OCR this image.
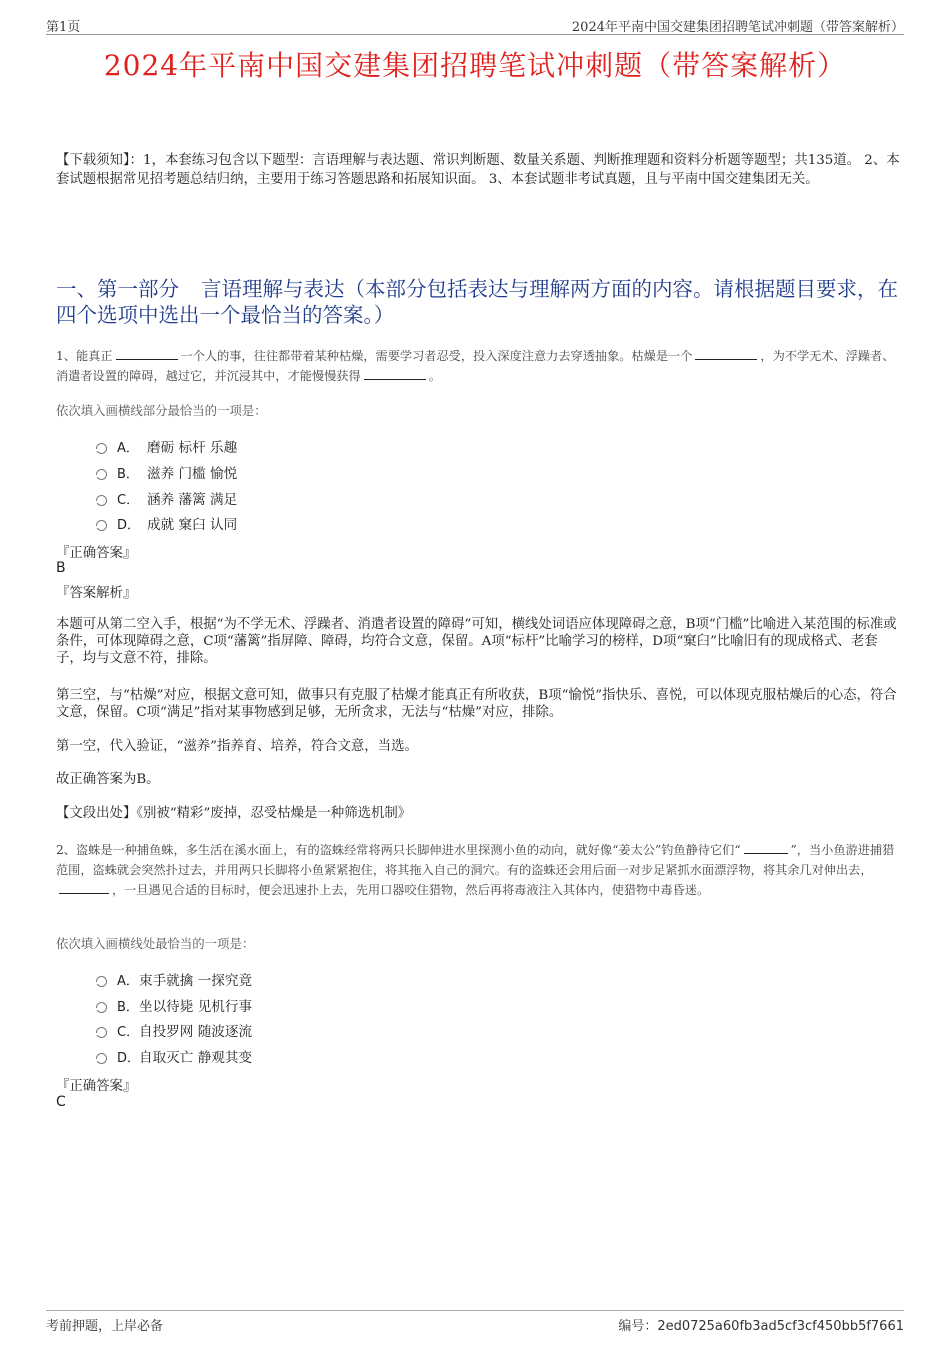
第1页	2024年平南中国交建集团招聘笔试冲刺题（带答案解析）
2024年平南中国交建集团招聘笔试冲刺题（带答案解析）
【下载须知】：1，本套练习包含以下题型：言语理解与表达题、常识判断题、数量关系题、判断推理题和资料分析题等题型；共135道。 2、本套试题根据常见招考题总结归纳，主要用于练习答题思路和拓展知识面。 3、本套试题非考试真题，且与平南中国交建集团无关。
一、第一部分 言语理解与表达（本部分包括表达与理解两方面的内容。请根据题目要求，在四个选项中选出一个最恰当的答案。）
1、能真正	一个人的事，往往都带着某种枯燥，需要学习者忍受，投入深度注意力去穿透抽象。枯燥是一个	，为不学无术、浮躁者、消遣者设置的障碍，越过它，并沉浸其中，才能慢慢获得	。
依次填入画横线部分最恰当的一项是：
A． 磨砺 标杆 乐趣
B． 滋养 门槛 愉悦
C． 涵养 藩篱 满足
D． 成就 窠臼 认同
『正确答案』
B
『答案解析』
本题可从第二空入手，根据“为不学无术、浮躁者、消遣者设置的障碍”可知，横线处词语应体现障碍之意，B项“门槛”比喻进入某范围的标准或条件，可体现障碍之意，C项“藩篱”指屏障、障碍，均符合文意，保留。A项“标杆”比喻学习的榜样，D项“窠臼”比喻旧有的现成格式、老套子，均与文意不符，排除。
第三空，与“枯燥”对应，根据文意可知，做事只有克服了枯燥才能真正有所收获，B项“愉悦”指快乐、喜悦，可以体现克服枯燥后的心态，符合文意，保留。C项“满足”指对某事物感到足够，无所贪求，无法与“枯燥”对应，排除。
第一空，代入验证，“滋养”指养育、培养，符合文意，当选。
故正确答案为B。
【文段出处】《别被“精彩”废掉，忍受枯燥是一种筛选机制》
2、盗蛛是一种捕鱼蛛，多生活在溪水面上，有的盗蛛经常将两只长脚伸进水里探测小鱼的动向，就好像“姜太公”钓鱼静待它们“	”，当小鱼游进捕猎范围，盗蛛就会突然扑过去，并用两只长脚将小鱼紧紧抱住，将其拖入自己的洞穴。有的盗蛛还会用后面一对步足紧抓水面漂浮物，将其余几对伸出去，，一旦遇见合适的目标时，便会迅速扑上去，先用口器咬住猎物，然后再将毒液注入其体内，使猎物中毒昏迷。
依次填入画横线处最恰当的一项是：
A． 束手就擒 一探究竟
B． 坐以待毙 见机行事
C． 自投罗网 随波逐流
D．
自取灭亡 静观其变
『正确答案』
C
考前押题，上岸必备	编号：2ed0725a60fb3ad5cf3cf450bb5f7661
